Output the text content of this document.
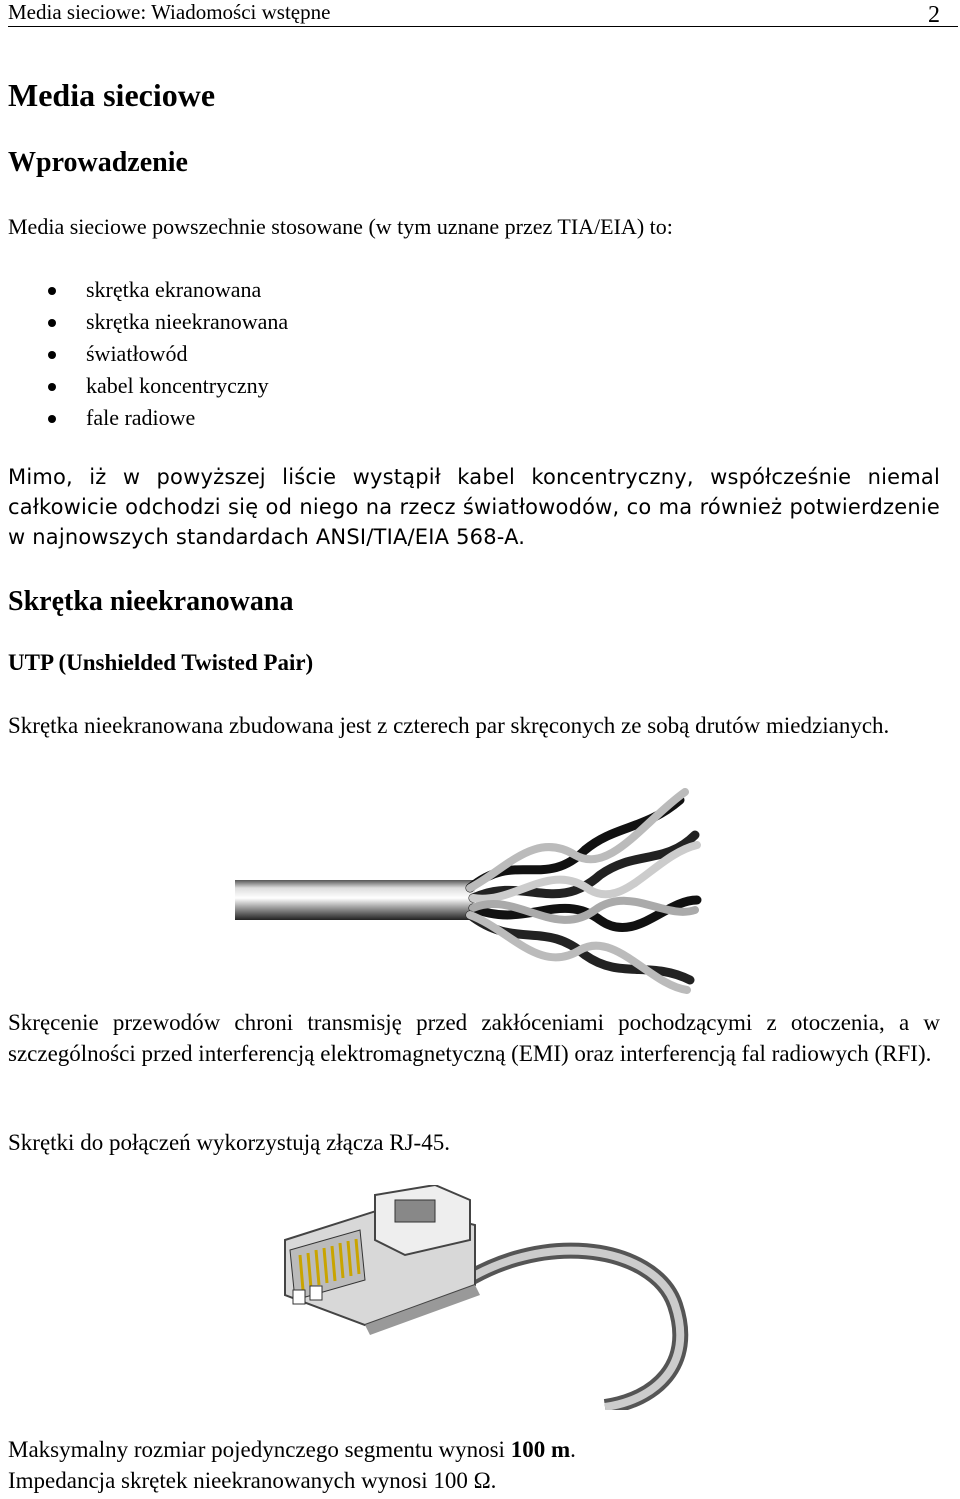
Media sieciowe: Wiadomości wstępne	2
Media sieciowe
Wprowadzenie
Media sieciowe powszechnie stosowane (w tym uznane przez TIA/EIA) to:
skrętka ekranowana
skrętka nieekranowana
światłowód
kabel koncentryczny
fale radiowe
Mimo, iż w powyższej liście wystąpił kabel koncentryczny, współcześnie niemal całkowicie odchodzi się od niego na rzecz światłowodów, co ma również potwierdzenie w najnowszych standardach ANSI/TIA/EIA 568-A.
Skrętka nieekranowana
UTP (Unshielded Twisted Pair)
Skrętka nieekranowana zbudowana jest z czterech par skręconych ze sobą drutów miedzianych.
Skręcenie przewodów chroni transmisję przed zakłóceniami pochodzącymi z otoczenia, a w szczególności przed interferencją elektromagnetyczną (EMI) oraz interferencją fal radiowych (RFI).
Skrętki do połączeń wykorzystują złącza RJ-45.
Maksymalny rozmiar pojedynczego segmentu wynosi 100 m.
Impedancja skrętek nieekranowanych wynosi 100 Ω.
